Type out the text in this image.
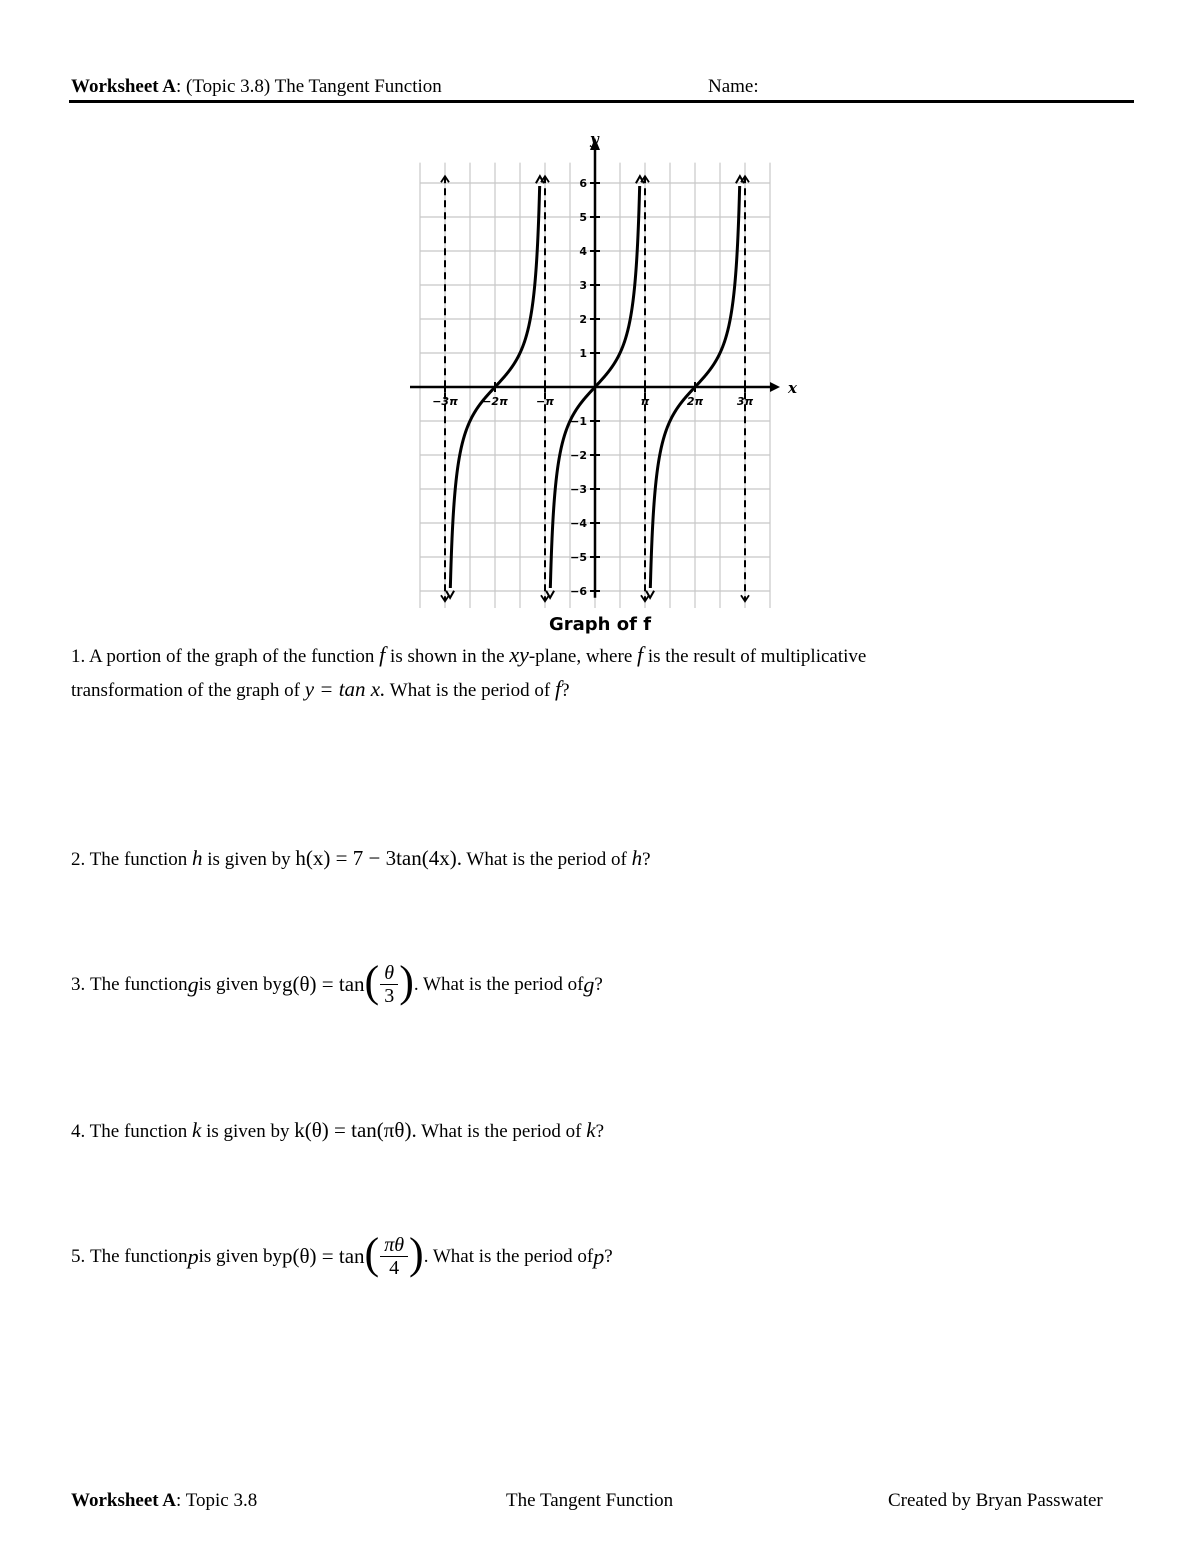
Worksheet A: (Topic 3.8) The Tangent Function	Name:
6
5
4
3
2
1
−1
−2
−3
−4
−5
−6
−3π −2π	−π	π	2π	3π
x
y
Graph of f
1. A portion of the graph of the function f is shown in the xy-plane, where f is the result of multiplicative
transformation of the graph of y = tan x. What is the period of f?
2. The function h is given by h(x) = 7 − 3tan(4x). What is the period of h?
3.
The function g is given by g(θ) = tan ( $\frac{\theta}{3}$ ) . What is the period of g ?
4. The function k is given by k(θ) = tan(πθ). What is the period of k?
5.
The function p is given by p(θ) = tan ( $\frac{\pi\theta}{4}$ ) . What is the period of p ?
Worksheet A: Topic 3.8	The Tangent Function	Created by Bryan Passwater
